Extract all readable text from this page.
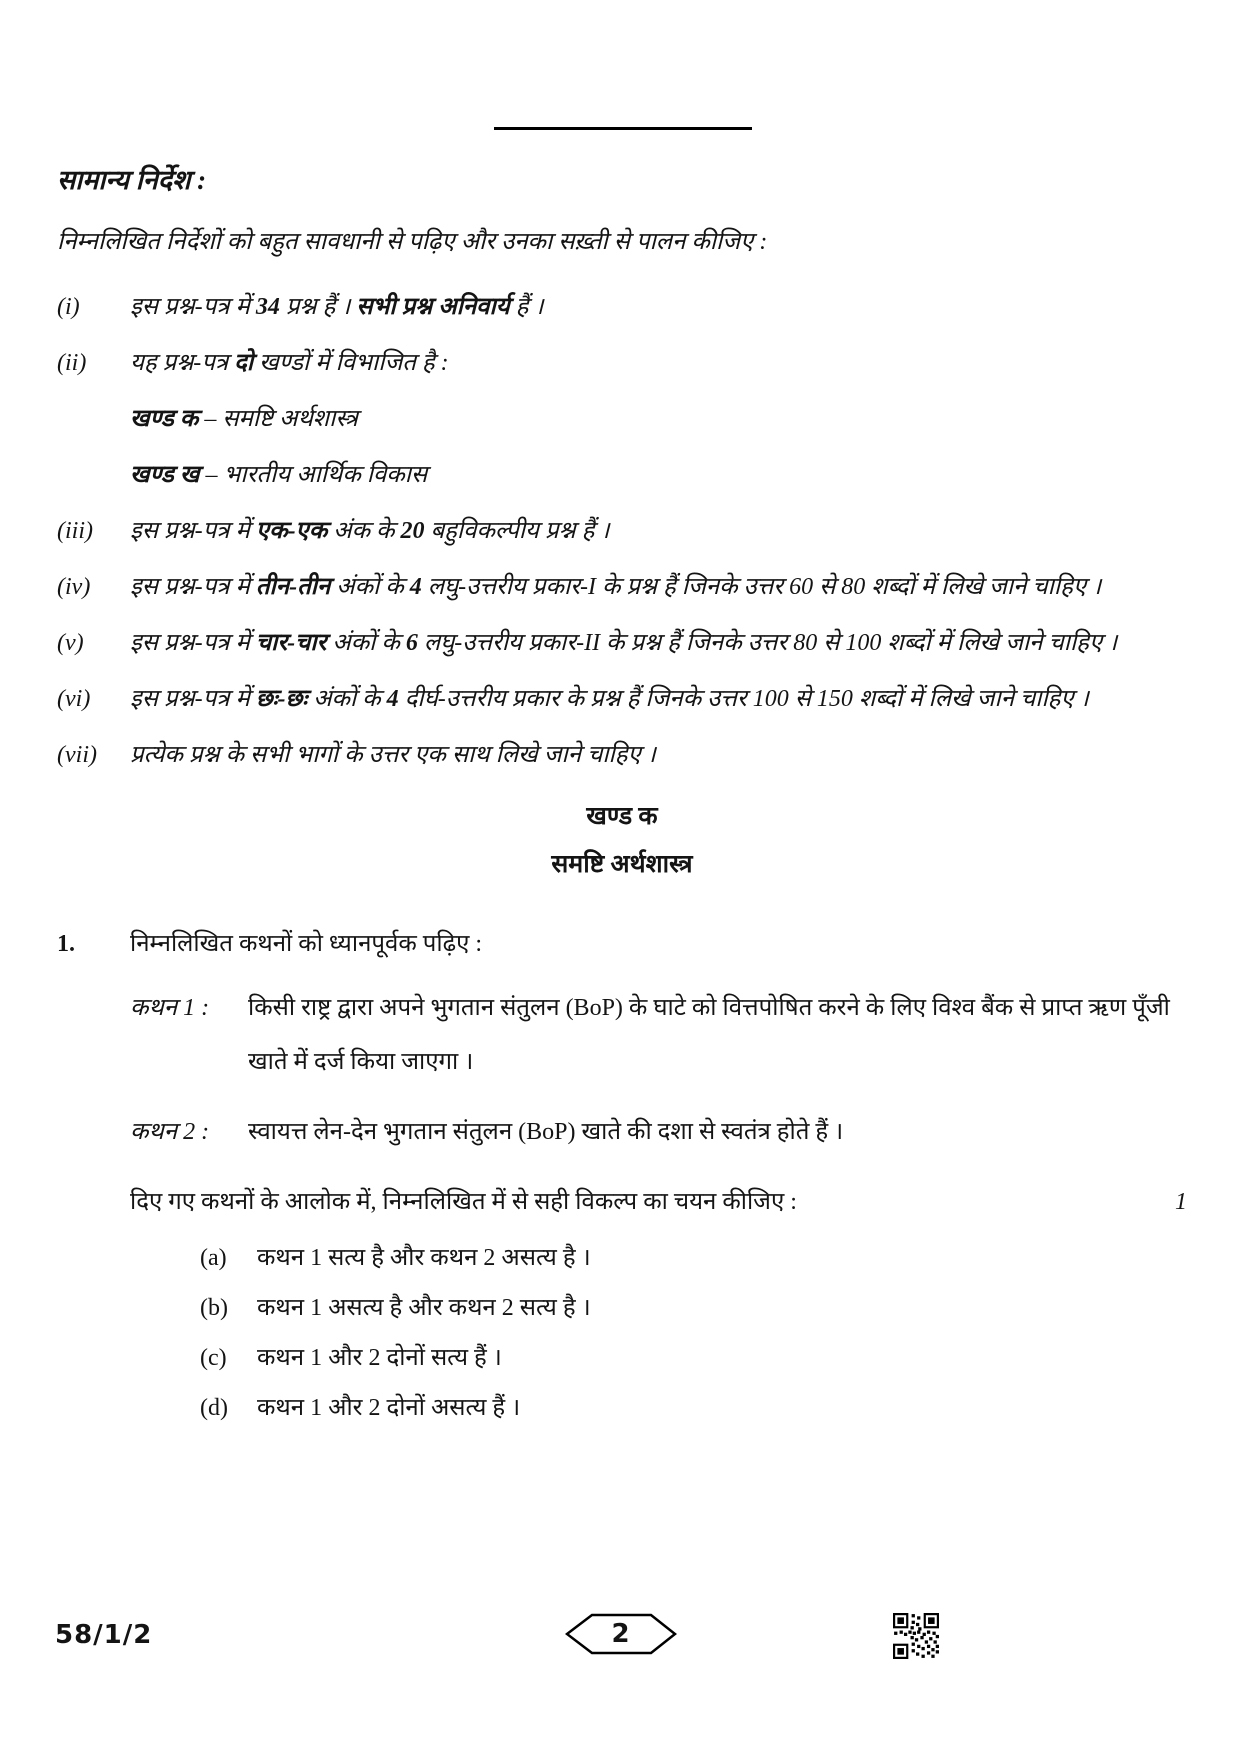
सामान्य निर्देश :
निम्नलिखित निर्देशों को बहुत सावधानी से पढ़िए और उनका सख़्ती से पालन कीजिए :
(i)	इस प्रश्न-पत्र में 34 प्रश्न हैं । सभी प्रश्न अनिवार्य हैं ।
(ii)	यह प्रश्न-पत्र दो खण्डों में विभाजित है :
खण्ड क – समष्टि अर्थशास्त्र
खण्ड ख – भारतीय आर्थिक विकास
(iii)	इस प्रश्न-पत्र में एक-एक अंक के 20 बहुविकल्पीय प्रश्न हैं ।
(iv)	इस प्रश्न-पत्र में तीन-तीन अंकों के 4 लघु-उत्तरीय प्रकार-I के प्रश्न हैं जिनके उत्तर 60 से 80 शब्दों में लिखे जाने चाहिए ।
(v)	इस प्रश्न-पत्र में चार-चार अंकों के 6 लघु-उत्तरीय प्रकार-II के प्रश्न हैं जिनके उत्तर 80 से 100 शब्दों में लिखे जाने चाहिए ।
(vi)	इस प्रश्न-पत्र में छः-छः अंकों के 4 दीर्घ-उत्तरीय प्रकार के प्रश्न हैं जिनके उत्तर 100 से 150 शब्दों में लिखे जाने चाहिए ।
(vii)	प्रत्येक प्रश्न के सभी भागों के उत्तर एक साथ लिखे जाने चाहिए ।
खण्ड क
समष्टि अर्थशास्त्र
1.	निम्नलिखित कथनों को ध्यानपूर्वक पढ़िए :
कथन 1 :	किसी राष्ट्र द्वारा अपने भुगतान संतुलन (BoP) के घाटे को वित्तपोषित करने के लिए विश्व बैंक से प्राप्त ऋण पूँजी खाते में दर्ज किया जाएगा ।
कथन 2 :	स्वायत्त लेन-देन भुगतान संतुलन (BoP) खाते की दशा से स्वतंत्र होते हैं ।
दिए गए कथनों के आलोक में, निम्नलिखित में से सही विकल्प का चयन कीजिए :	1
(a)	कथन 1 सत्य है और कथन 2 असत्य है ।
(b)	कथन 1 असत्य है और कथन 2 सत्य है ।
(c)	कथन 1 और 2 दोनों सत्य हैं ।
(d)	कथन 1 और 2 दोनों असत्य हैं ।
58/1/2	2
